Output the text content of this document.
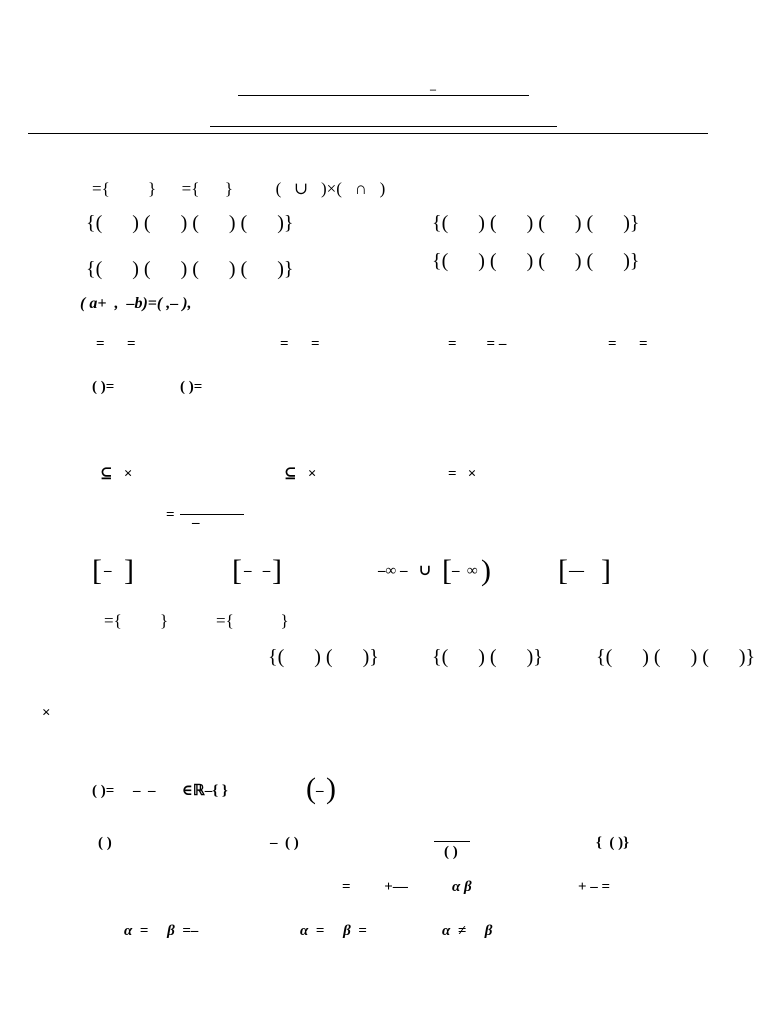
–
={         }      ={      }          (   ∪   )×(   ∩   )
{(      ) (      ) (      ) (      )}	{(      ) (      ) (      ) (      )}
{(      ) (      ) (      ) (      )}	{(      ) (      ) (      ) (      )}
( a+  ,  –b)=( ,– ),
=      =	=      =	=        = –	=      =
( )=	( )=
⊆   ×	⊆   ×	=   ×
= –
[ – ]	[ –   – ]	–∞ –   ∪ [ –  ∞ ) [ –– ]
={         }	={           }
{(      ) (      )}	{(      ) (      )}	{(      ) (      ) (      )}
×
( )=     –  –       ∈ℝ–{ }	( – )
( )	–  ( )
( )
{  ( )}
=         +—	α β	+ – =
α  =     β  =–	α  =     β  =	α  ≠     β
